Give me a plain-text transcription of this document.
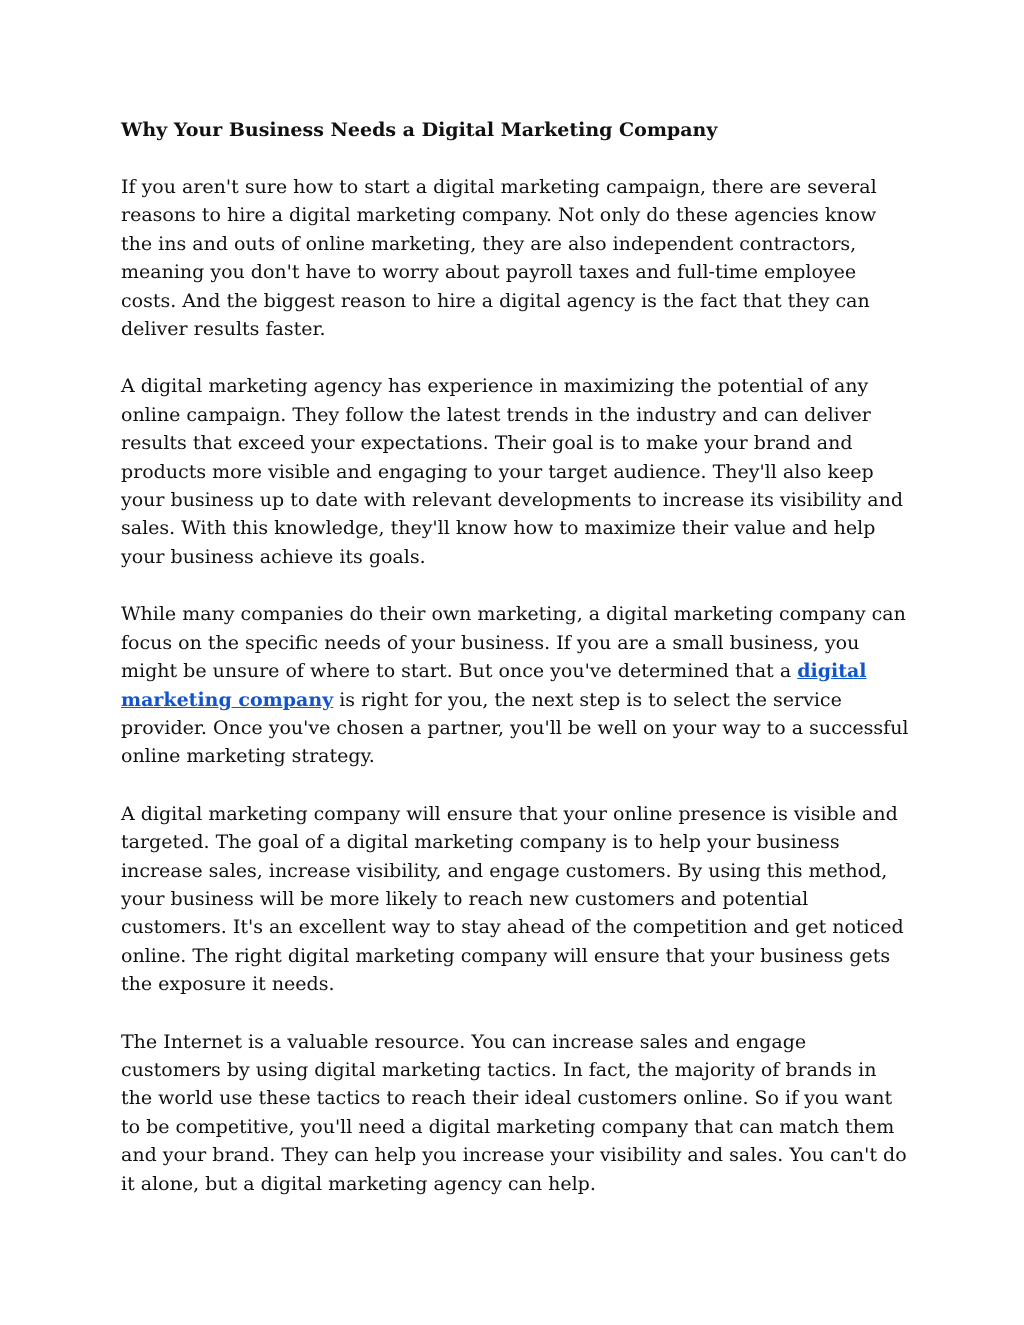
Why Your Business Needs a Digital Marketing Company

If you aren't sure how to start a digital marketing campaign, there are several reasons to hire a digital marketing company. Not only do these agencies know the ins and outs of online marketing, they are also independent contractors, meaning you don't have to worry about payroll taxes and full-time employee costs. And the biggest reason to hire a digital agency is the fact that they can deliver results faster.

A digital marketing agency has experience in maximizing the potential of any online campaign. They follow the latest trends in the industry and can deliver results that exceed your expectations. Their goal is to make your brand and products more visible and engaging to your target audience. They'll also keep your business up to date with relevant developments to increase its visibility and sales. With this knowledge, they'll know how to maximize their value and help your business achieve its goals.

While many companies do their own marketing, a digital marketing company can focus on the specific needs of your business. If you are a small business, you might be unsure of where to start. But once you've determined that a digital marketing company is right for you, the next step is to select the service provider. Once you've chosen a partner, you'll be well on your way to a successful online marketing strategy.

A digital marketing company will ensure that your online presence is visible and targeted. The goal of a digital marketing company is to help your business increase sales, increase visibility, and engage customers. By using this method, your business will be more likely to reach new customers and potential customers. It's an excellent way to stay ahead of the competition and get noticed online. The right digital marketing company will ensure that your business gets the exposure it needs.

The Internet is a valuable resource. You can increase sales and engage customers by using digital marketing tactics. In fact, the majority of brands in the world use these tactics to reach their ideal customers online. So if you want to be competitive, you'll need a digital marketing company that can match them and your brand. They can help you increase your visibility and sales. You can't do it alone, but a digital marketing agency can help.
